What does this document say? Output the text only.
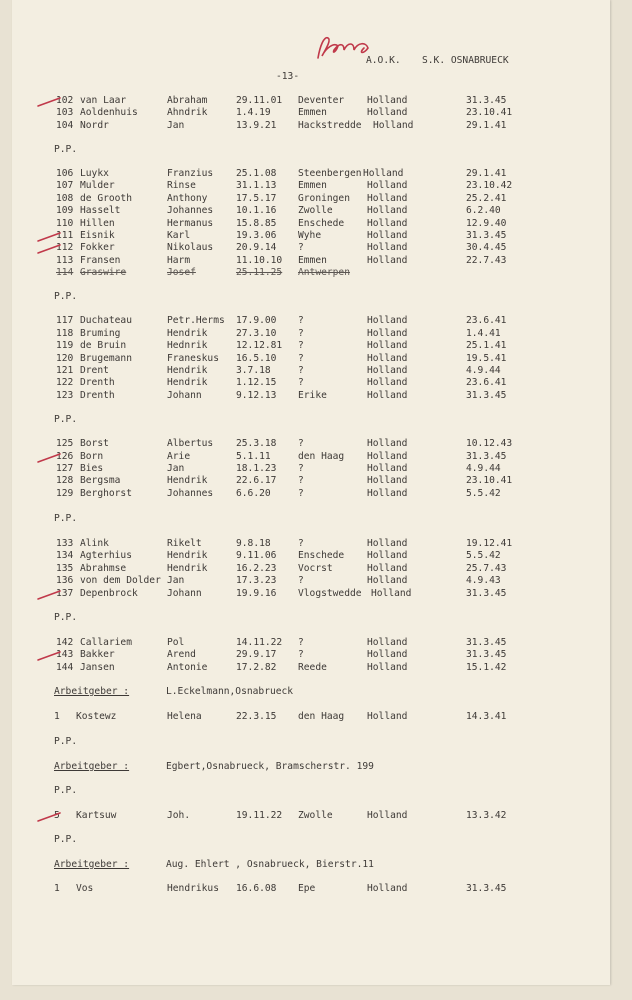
A.O.K. S.K. OSNABRUECK
-13-
102 van Laar	Abraham	29.11.01 Deventer Holland	31.3.45
103 Aoldenhuis	Ahndrik	1.4.19	Emmen	Holland	23.10.41
104 Nordr	Jan	13.9.21 Hackstredde Holland	29.1.41
P.P.
106 Luykx	Franzius 25.1.08 Steenbergen Holland	29.1.41
107 Mulder	Rinse	31.1.13 Emmen	Holland	23.10.42
108 de Grooth	Anthony	17.5.17 Groningen Holland	25.2.41
109 Hasselt	Johannes 10.1.16 Zwolle	Holland	6.2.40
110 Hillen	Hermanus 15.8.85 Enschede Holland	12.9.40
111 Eisnik	Karl	19.3.06 Wyhe	Holland	31.3.45
112 Fokker	Nikolaus 20.9.14 ?	Holland	30.4.45
113 Fransen	Harm	11.10.10 Emmen	Holland	22.7.43
114 Graswire	Josef	25.11.25 Antwerpen
P.P.
117 Duchateau	Petr.Herms 17.9.00 ?	Holland	23.6.41
118 Bruming	Hendrik	27.3.10 ?	Holland	1.4.41
119 de Bruin	Hednrik	12.12.81 ?	Holland	25.1.41
120 Brugemann	Franeskus 16.5.10 ?	Holland	19.5.41
121 Drent	Hendrik	3.7.18	?	Holland	4.9.44
122 Drenth	Hendrik	1.12.15 ?	Holland	23.6.41
123 Drenth	Johann	9.12.13 Erike	Holland	31.3.45
P.P.
125 Borst	Albertus 25.3.18 ?	Holland	10.12.43
126 Born	Arie	5.1.11	den Haag Holland	31.3.45
127 Bies	Jan	18.1.23 ?	Holland	4.9.44
128 Bergsma	Hendrik	22.6.17 ?	Holland	23.10.41
129 Berghorst	Johannes 6.6.20	?	Holland	5.5.42
P.P.
133 Alink	Rikelt	9.8.18	?	Holland	19.12.41
134 Agterhius	Hendrik	9.11.06 Enschede Holland	5.5.42
135 Abrahmse	Hendrik	16.2.23 Vocrst	Holland	25.7.43
136 von dem Dolder Jan	17.3.23 ?	Holland	4.9.43
137 Depenbrock	Johann	19.9.16 Vlogstwedde Holland	31.3.45
P.P.
142 Callariem	Pol	14.11.22 ?	Holland	31.3.45
143 Bakker	Arend	29.9.17 ?	Holland	31.3.45
144 Jansen	Antonie	17.2.82 Reede	Holland	15.1.42
Arbeitgeber :	L.Eckelmann,Osnabrueck
1 Kostewz	Helena	22.3.15 den Haag Holland	14.3.41
P.P.
Arbeitgeber :	Egbert,Osnabrueck, Bramscherstr. 199
P.P.
5 Kartsuw	Joh.	19.11.22 Zwolle	Holland	13.3.42
P.P.
Arbeitgeber :	Aug. Ehlert , Osnabrueck, Bierstr.11
1 Vos	Hendrikus 16.6.08 Epe	Holland	31.3.45
